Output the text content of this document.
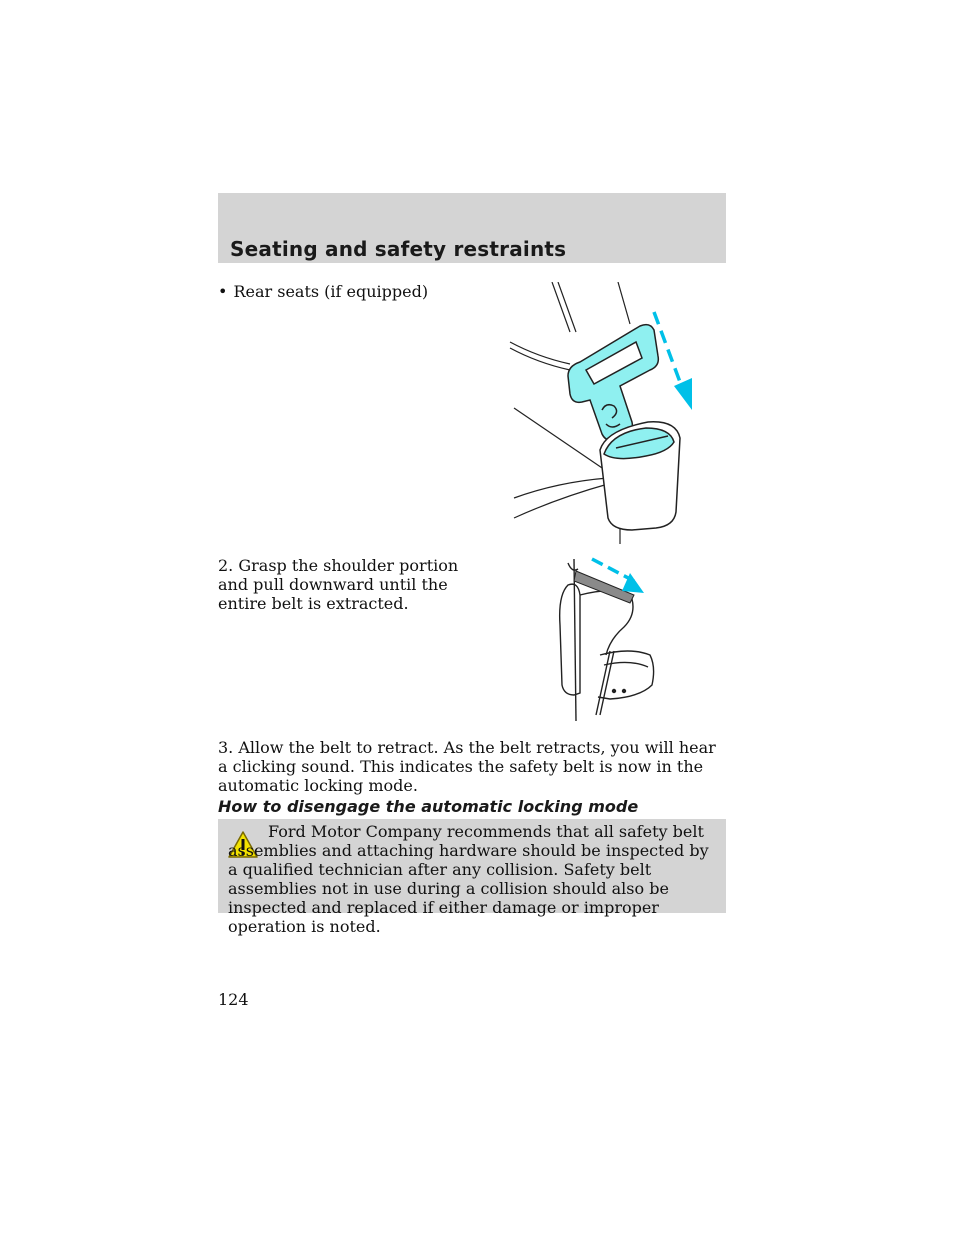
Seating and safety restraints
• Rear seats (if equipped)
2. Grasp the shoulder portion and pull downward until the entire belt is extracted.
3. Allow the belt to retract. As the belt retracts, you will hear a clicking sound. This indicates the safety belt is now in the automatic locking mode.
How to disengage the automatic locking mode

Ford Motor Company recommends that all safety belt assemblies and attaching hardware should be inspected by a qualified technician after any collision. Safety belt assemblies not in use during a collision should also be inspected and replaced if either damage or improper operation is noted.

124
